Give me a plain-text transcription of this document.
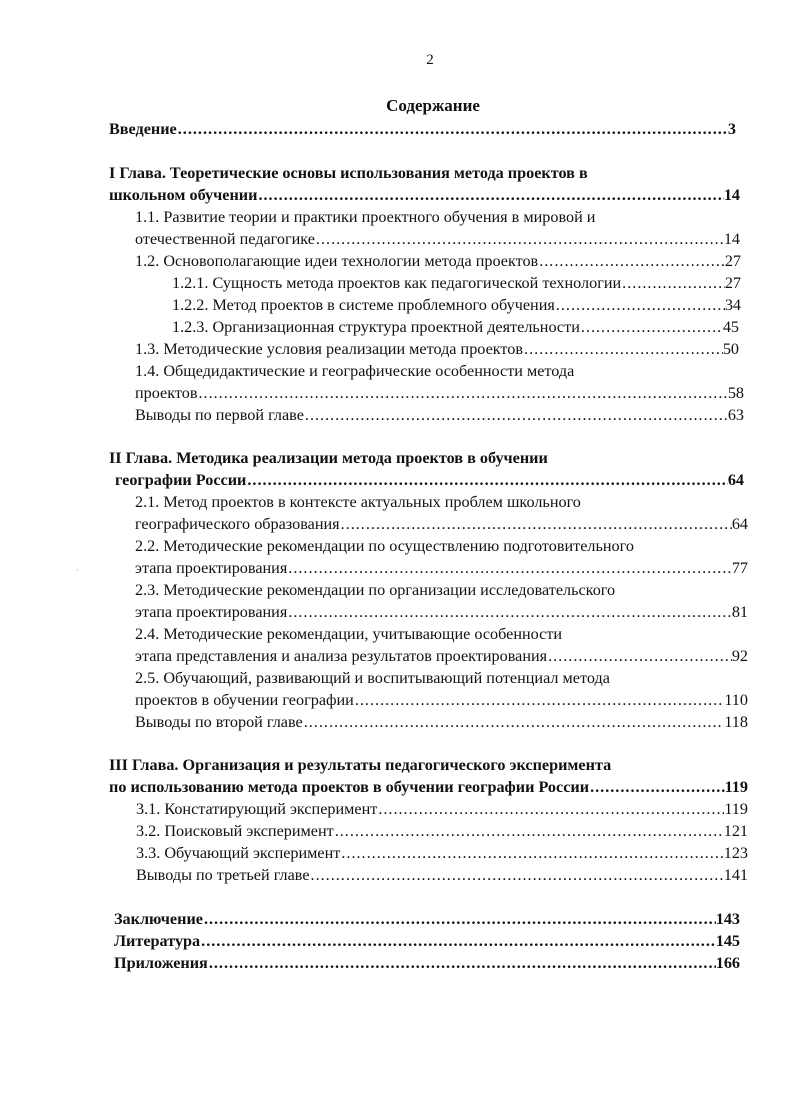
2
Содержание
Введение .....	3
I Глава. Теоретические основы использования метода проектов в
школьном обучении .....	14
1.1. Развитие теории и практики проектного обучения в мировой и
отечественной педагогике .....	14
1.2. Основополагающие идеи технологии метода проектов .....	27
1.2.1. Сущность метода проектов как педагогической технологии .....	27
1.2.2. Метод проектов в системе проблемного обучения .....	34
1.2.3. Организационная структура проектной деятельности .....	45
1.3. Методические условия реализации метода проектов .....	50
1.4. Общедидактические и географические особенности метода
проектов .....	58
Выводы по первой главе .....	63
II Глава. Методика реализации метода проектов в обучении
географии России .....	64
2.1. Метод проектов в контексте актуальных проблем школьного
географического образования .....	64
2.2. Методические рекомендации по осуществлению подготовительного
этапа проектирования .....	77
2.3. Методические рекомендации по организации исследовательского
этапа проектирования .....	81
2.4. Методические рекомендации, учитывающие особенности
этапа представления и анализа результатов проектирования .....	92
2.5. Обучающий, развивающий и воспитывающий потенциал метода
проектов в обучении географии .....	110
Выводы по второй главе .....	118
III Глава. Организация и результаты педагогического эксперимента
по использованию метода проектов в обучении географии России .....	119
3.1. Констатирующий эксперимент .....	119
3.2. Поисковый эксперимент .....	121
3.3. Обучающий эксперимент .....	123
Выводы по третьей главе .....	141
Заключение .....	143
Литература .....	145
Приложения .....	166
·
